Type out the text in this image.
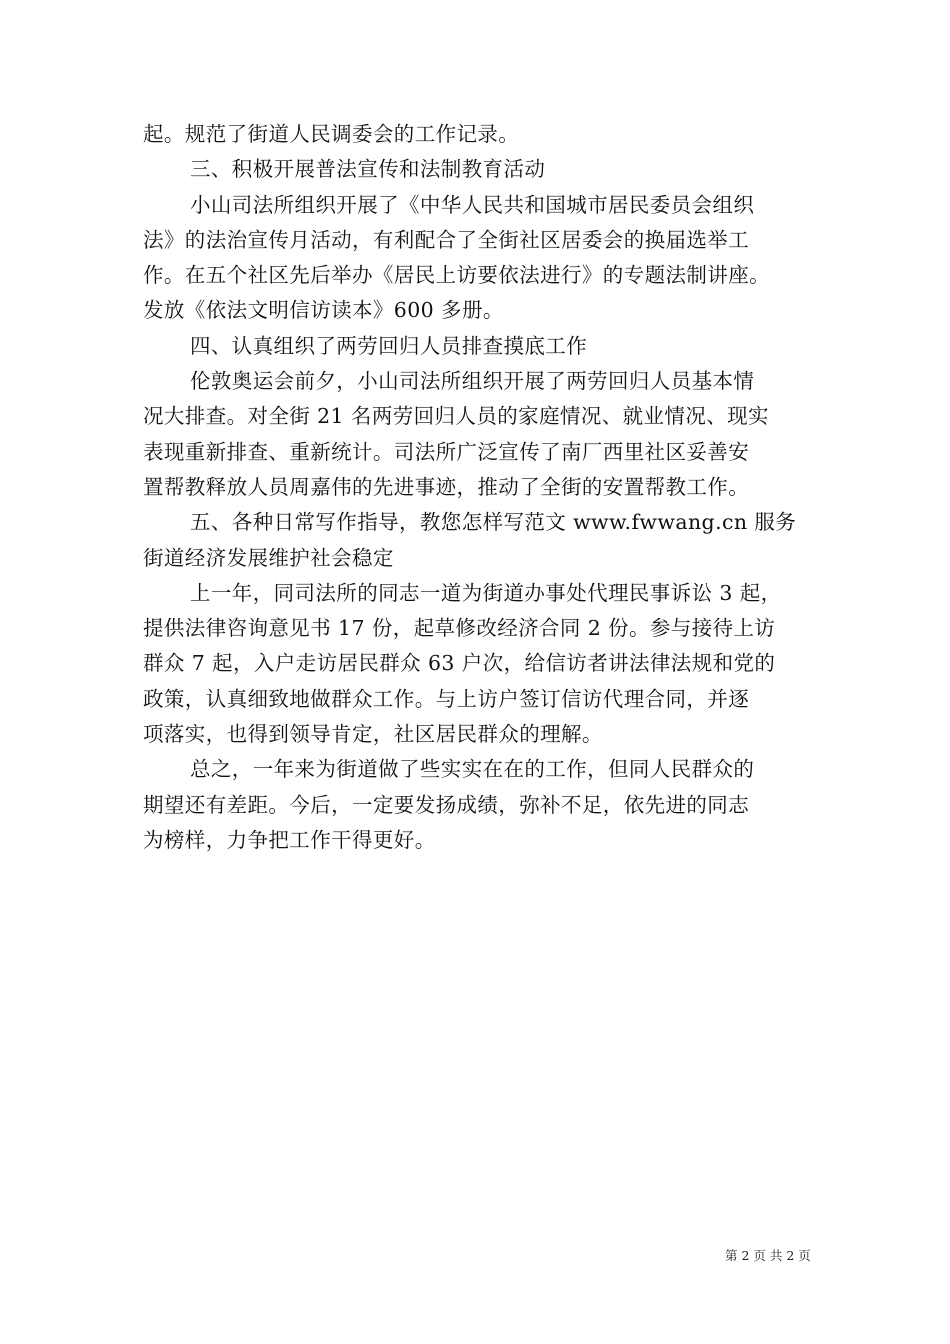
起。规范了街道人民调委会的工作记录。
三、积极开展普法宣传和法制教育活动
小山司法所组织开展了《中华人民共和国城市居民委员会组织
法》的法治宣传月活动，有利配合了全街社区居委会的换届选举工
作。在五个社区先后举办《居民上访要依法进行》的专题法制讲座。
发放《依法文明信访读本》600 多册。
四、认真组织了两劳回归人员排查摸底工作
伦敦奥运会前夕，小山司法所组织开展了两劳回归人员基本情
况大排查。对全街 21 名两劳回归人员的家庭情况、就业情况、现实
表现重新排查、重新统计。司法所广泛宣传了南厂西里社区妥善安
置帮教释放人员周嘉伟的先进事迹，推动了全街的安置帮教工作。
五、各种日常写作指导，教您怎样写范文 www.fwwang.cn 服务
街道经济发展维护社会稳定
上一年，同司法所的同志一道为街道办事处代理民事诉讼 3 起，
提供法律咨询意见书 17 份，起草修改经济合同 2 份。参与接待上访
群众 7 起，入户走访居民群众 63 户次，给信访者讲法律法规和党的
政策，认真细致地做群众工作。与上访户签订信访代理合同，并逐
项落实，也得到领导肯定，社区居民群众的理解。
总之，一年来为街道做了些实实在在的工作，但同人民群众的
期望还有差距。今后，一定要发扬成绩，弥补不足，依先进的同志
为榜样，力争把工作干得更好。
第 2 页 共 2 页
